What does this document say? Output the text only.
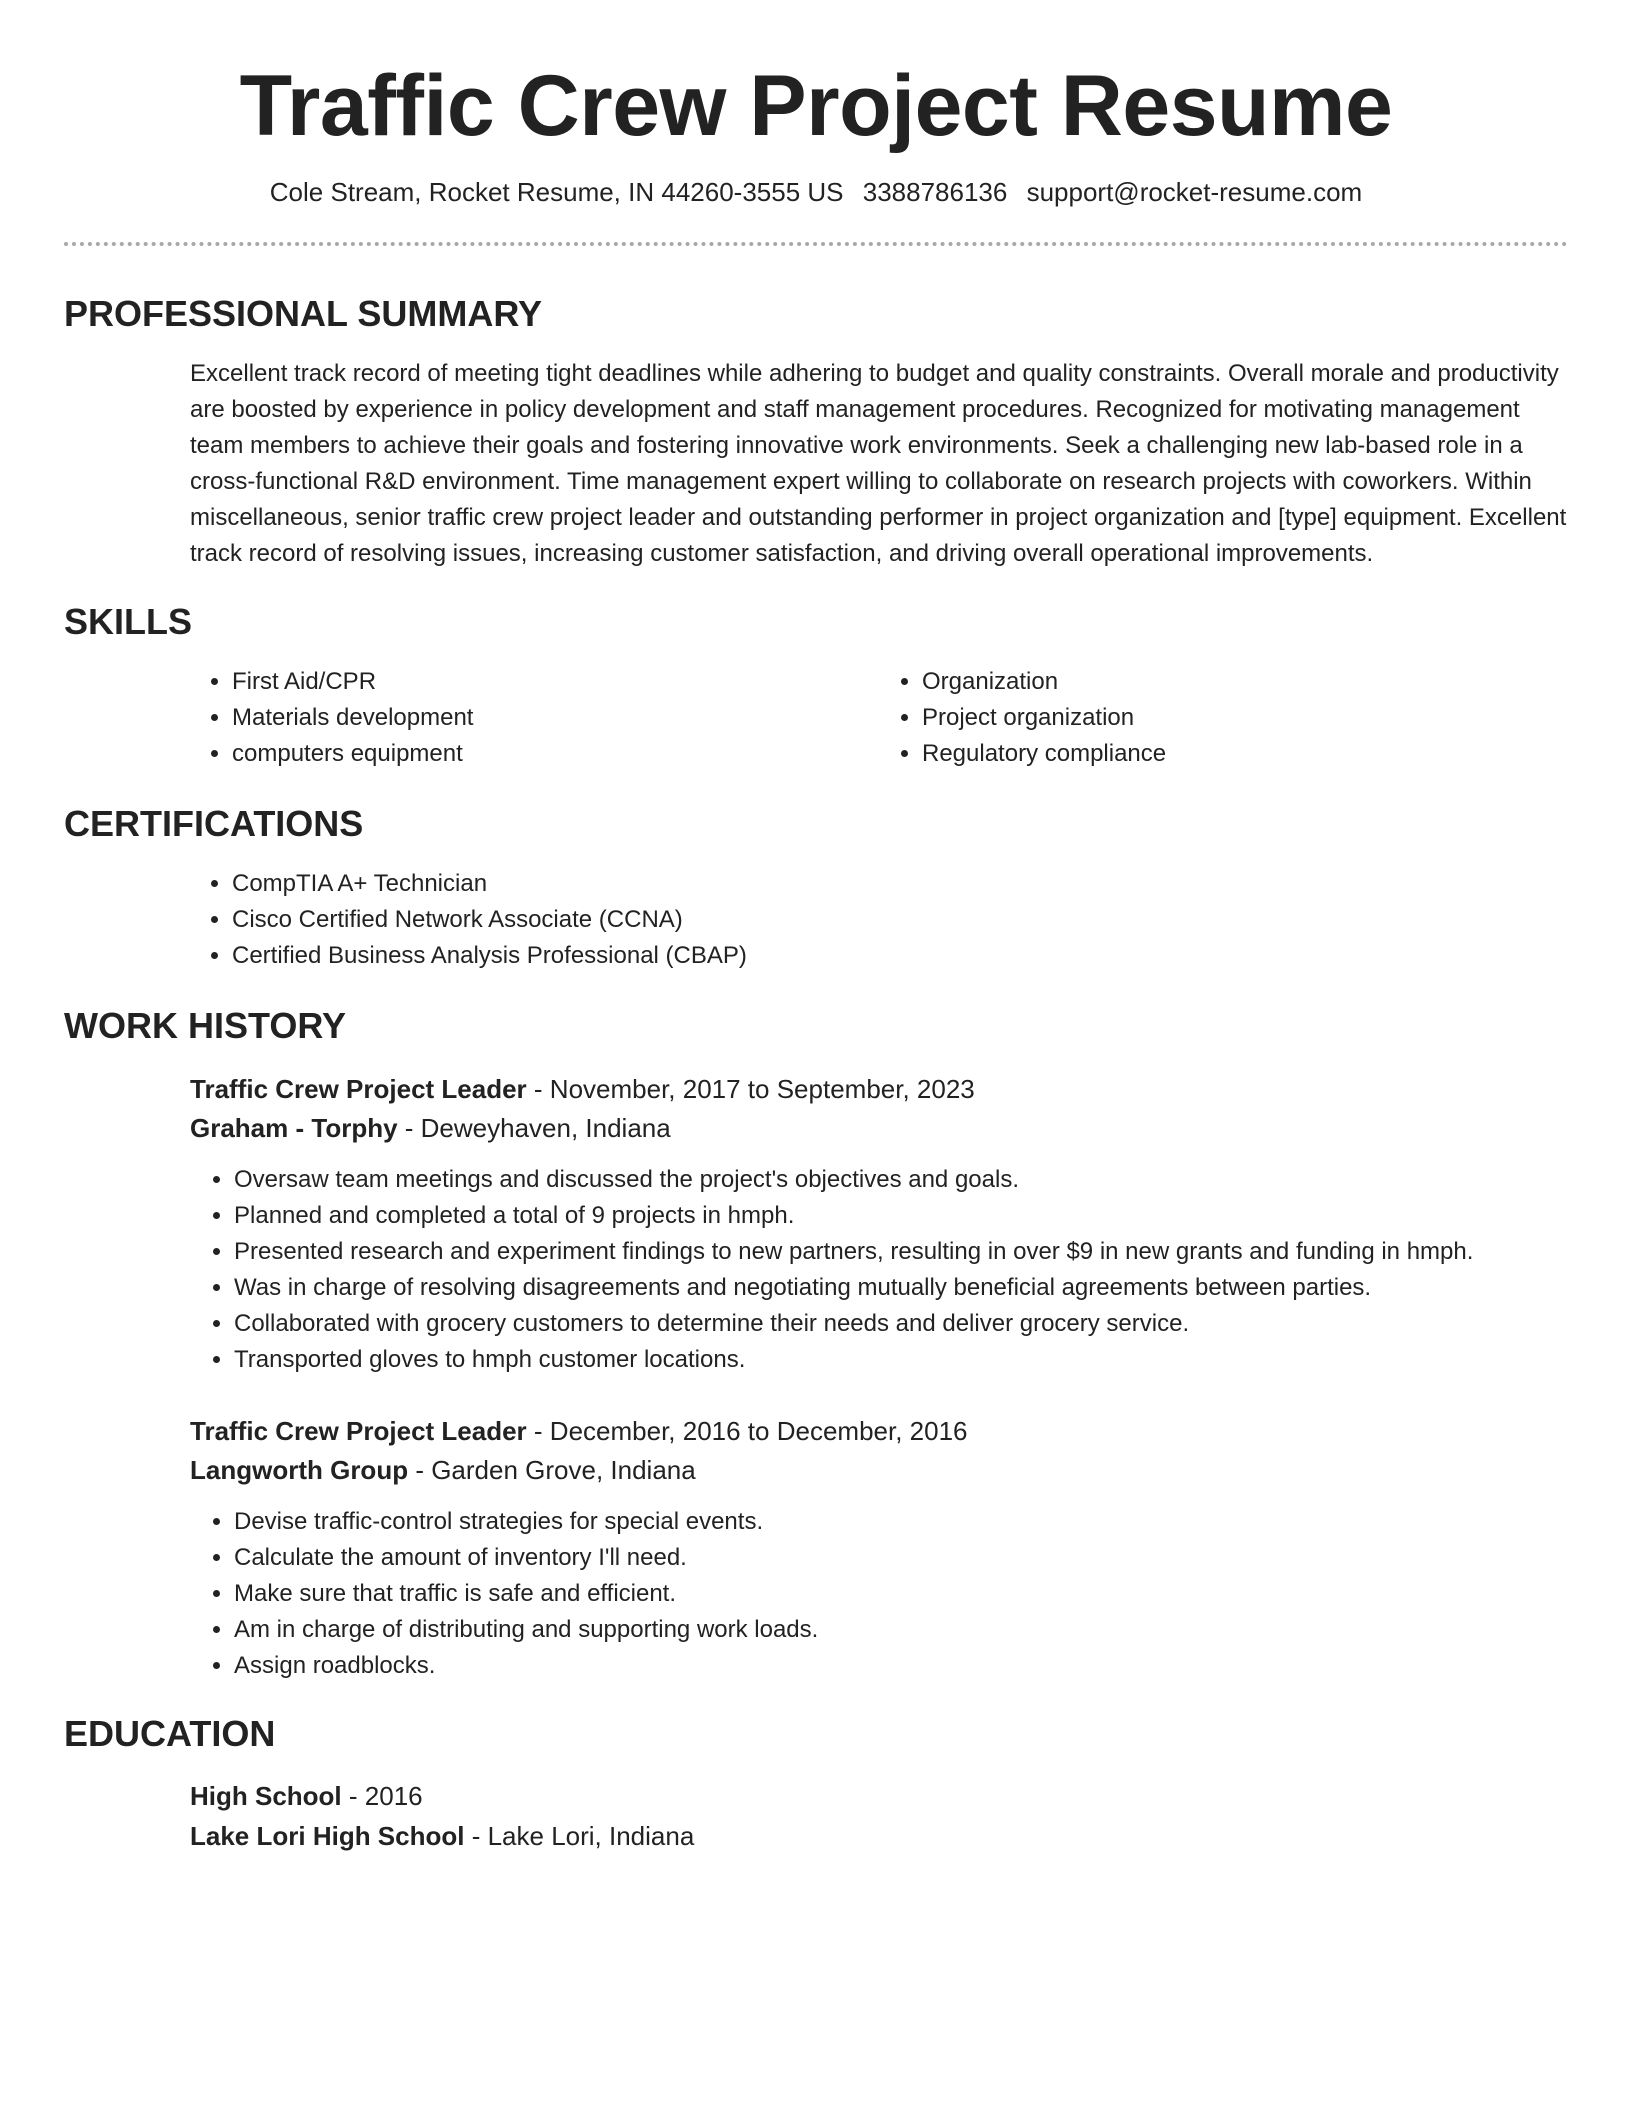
Traffic Crew Project Resume
Cole Stream, Rocket Resume, IN 44260-3555 US 3388786136 support@rocket-resume.com
PROFESSIONAL SUMMARY

Excellent track record of meeting tight deadlines while adhering to budget and quality constraints. Overall morale and productivity are boosted by experience in policy development and staff management procedures. Recognized for motivating management team members to achieve their goals and fostering innovative work environments. Seek a challenging new lab-based role in a cross-functional R&D environment. Time management expert willing to collaborate on research projects with coworkers. Within miscellaneous, senior traffic crew project leader and outstanding performer in project organization and [type] equipment. Excellent track record of resolving issues, increasing customer satisfaction, and driving overall operational improvements.

SKILLS
• First Aid/CPR
• Materials development
• computers equipment
• Organization
• Project organization
• Regulatory compliance
CERTIFICATIONS
• CompTIA A+ Technician
• Cisco Certified Network Associate (CCNA)
• Certified Business Analysis Professional (CBAP)
WORK HISTORY
Traffic Crew Project Leader - November, 2017 to September, 2023
Graham - Torphy - Deweyhaven, Indiana
• Oversaw team meetings and discussed the project's objectives and goals.
• Planned and completed a total of 9 projects in hmph.
• Presented research and experiment findings to new partners, resulting in over $9 in new grants and funding in hmph.
• Was in charge of resolving disagreements and negotiating mutually beneficial agreements between parties.
• Collaborated with grocery customers to determine their needs and deliver grocery service.
• Transported gloves to hmph customer locations.
Traffic Crew Project Leader - December, 2016 to December, 2016
Langworth Group - Garden Grove, Indiana
• Devise traffic-control strategies for special events.
• Calculate the amount of inventory I'll need.
• Make sure that traffic is safe and efficient.
• Am in charge of distributing and supporting work loads.
• Assign roadblocks.
EDUCATION
High School - 2016
Lake Lori High School - Lake Lori, Indiana
